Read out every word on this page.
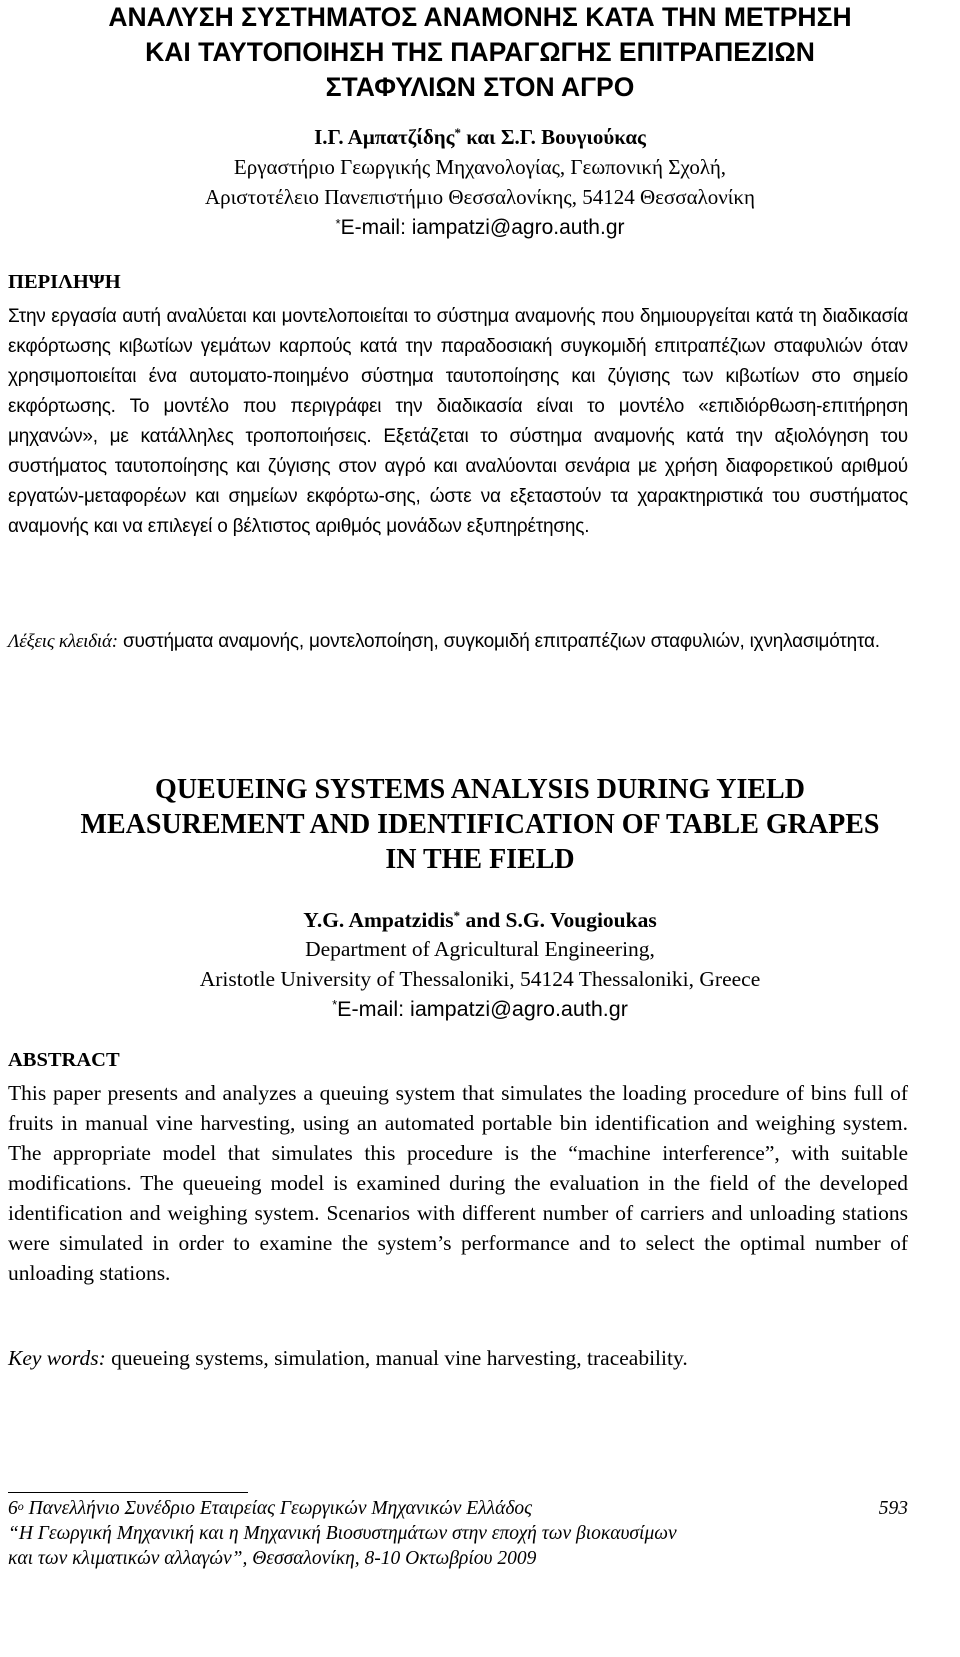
ΑΝΑΛΥΣΗ ΣΥΣΤΗΜΑΤΟΣ ΑΝΑΜΟΝΗΣ ΚΑΤΑ ΤΗΝ ΜΕΤΡΗΣΗ
ΚΑΙ ΤΑΥΤΟΠΟΙΗΣΗ ΤΗΣ ΠΑΡΑΓΩΓΗΣ ΕΠΙΤΡΑΠΕΖΙΩΝ
ΣΤΑΦΥΛΙΩΝ ΣΤΟΝ ΑΓΡΟ
Ι.Γ. Αμπατζίδης* και Σ.Γ. Βουγιούκας
Εργαστήριο Γεωργικής Μηχανολογίας, Γεωπονική Σχολή,
Αριστοτέλειο Πανεπιστήμιο Θεσσαλονίκης, 54124 Θεσσαλονίκη
*E-mail: iampatzi@agro.auth.gr
ΠΕΡΙΛΗΨΗ
Στην εργασία αυτή αναλύεται και μοντελοποιείται το σύστημα αναμονής που δημιουργείται κατά τη διαδικασία εκφόρτωσης κιβωτίων γεμάτων καρπούς κατά την παραδοσιακή συγκομιδή επιτραπέζιων σταφυλιών όταν χρησιμοποιείται ένα αυτοματο-ποιημένο σύστημα ταυτοποίησης και ζύγισης των κιβωτίων στο σημείο εκφόρτωσης. Το μοντέλο που περιγράφει την διαδικασία είναι το μοντέλο «επιδιόρθωση-επιτήρηση μηχανών», με κατάλληλες τροποποιήσεις. Εξετάζεται το σύστημα αναμονής κατά την αξιολόγηση του συστήματος ταυτοποίησης και ζύγισης στον αγρό και αναλύονται σενάρια με χρήση διαφορετικού αριθμού εργατών-μεταφορέων και σημείων εκφόρτω-σης, ώστε να εξεταστούν τα χαρακτηριστικά του συστήματος αναμονής και να επιλεγεί ο βέλτιστος αριθμός μονάδων εξυπηρέτησης.
Λέξεις κλειδιά: συστήματα αναμονής, μοντελοποίηση, συγκομιδή επιτραπέζιων σταφυλιών, ιχνηλασιμότητα.
QUEUEING SYSTEMS ANALYSIS DURING YIELD
MEASUREMENT AND IDENTIFICATION OF TABLE GRAPES
IN THE FIELD
Y.G. Ampatzidis* and S.G. Vougioukas
Department of Agricultural Engineering,
Aristotle University of Thessaloniki, 54124 Thessaloniki, Greece
*E-mail: iampatzi@agro.auth.gr
ABSTRACT
This paper presents and analyzes a queuing system that simulates the loading procedure of bins full of fruits in manual vine harvesting, using an automated portable bin identification and weighing system. The appropriate model that simulates this procedure is the “machine interference”, with suitable modifications. The queueing model is examined during the evaluation in the field of the developed identification and weighing system. Scenarios with different number of carriers and unloading stations were simulated in order to examine the system’s performance and to select the optimal number of unloading stations.
Key words: queueing systems, simulation, manual vine harvesting, traceability.
$6^o$ Πανελλήνιο Συνέδριο Εταιρείας Γεωργικών Μηχανικών Ελλάδος	593
“Η Γεωργική Μηχανική και η Μηχανική Βιοσυστημάτων στην εποχή των βιοκαυσίμων
και των κλιματικών αλλαγών”, Θεσσαλονίκη, 8-10 Οκτωβρίου 2009
